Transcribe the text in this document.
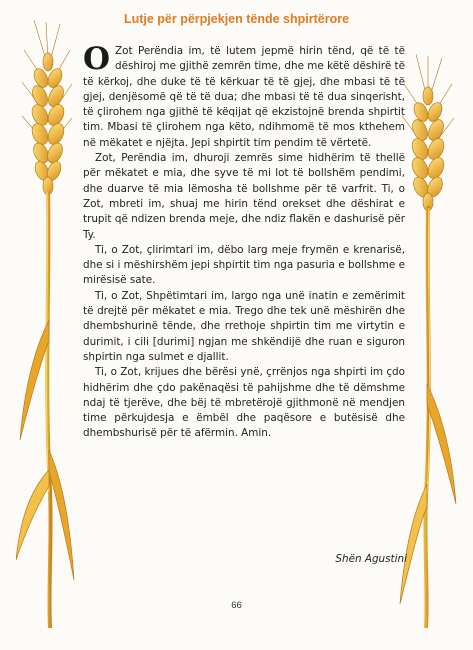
Lutje për përpjekjen tënde shpirtërore

O Zot Perëndia im, të lutem jepmë hirin tënd, që të të dëshiroj me gjithë zemrën time, dhe me këtë dëshirë të të kërkoj, dhe duke të të kërkuar të të gjej, dhe mbasi të të gjej, denjësomë që të të dua; dhe mbasi të të dua sinqerisht, të çlirohem nga gjithë të këqijat që ekzistojnë brenda shpirtit tim. Mbasi të çlirohem nga këto, ndihmomë të mos kthehem në mëkatet e njëjta. Jepi shpirtit tim pendim të vërtetë.

Zot, Perëndia im, dhuroji zemrës sime hidhërim të thellë për mëkatet e mia, dhe syve të mi lot të bollshëm pendimi, dhe duarve të mia lëmosha të bollshme për të varfrit. Ti, o Zot, mbreti im, shuaj me hirin tënd orekset dhe dëshirat e trupit që ndizen brenda meje, dhe ndiz flakën e dashurisë për Ty.

Ti, o Zot, çlirimtari im, dëbo larg meje frymën e krenarisë, dhe si i mëshirshëm jepi shpirtit tim nga pasuria e bollshme e mirësisë sate.

Ti, o Zot, Shpëtimtari im, largo nga unë inatin e zemërimit të drejtë për mëkatet e mia. Trego dhe tek unë mëshirën dhe dhembshurinë tënde, dhe rrethoje shpirtin tim me virtytin e durimit, i cili [durimi] ngjan me shkëndijë dhe ruan e siguron shpirtin nga sulmet e djallit.

Ti, o Zot, krijues dhe bërësi ynë, çrrënjos nga shpirti im çdo hidhërim dhe çdo pakënaqësi të pahijshme dhe të dëmshme ndaj të tjerëve, dhe bëj të mbretërojë gjithmonë në mendjen time përkujdesja e ëmbël dhe paqësore e butësisë dhe dhembshurisë për të afërmin. Amin.

Shën Agustini
66
